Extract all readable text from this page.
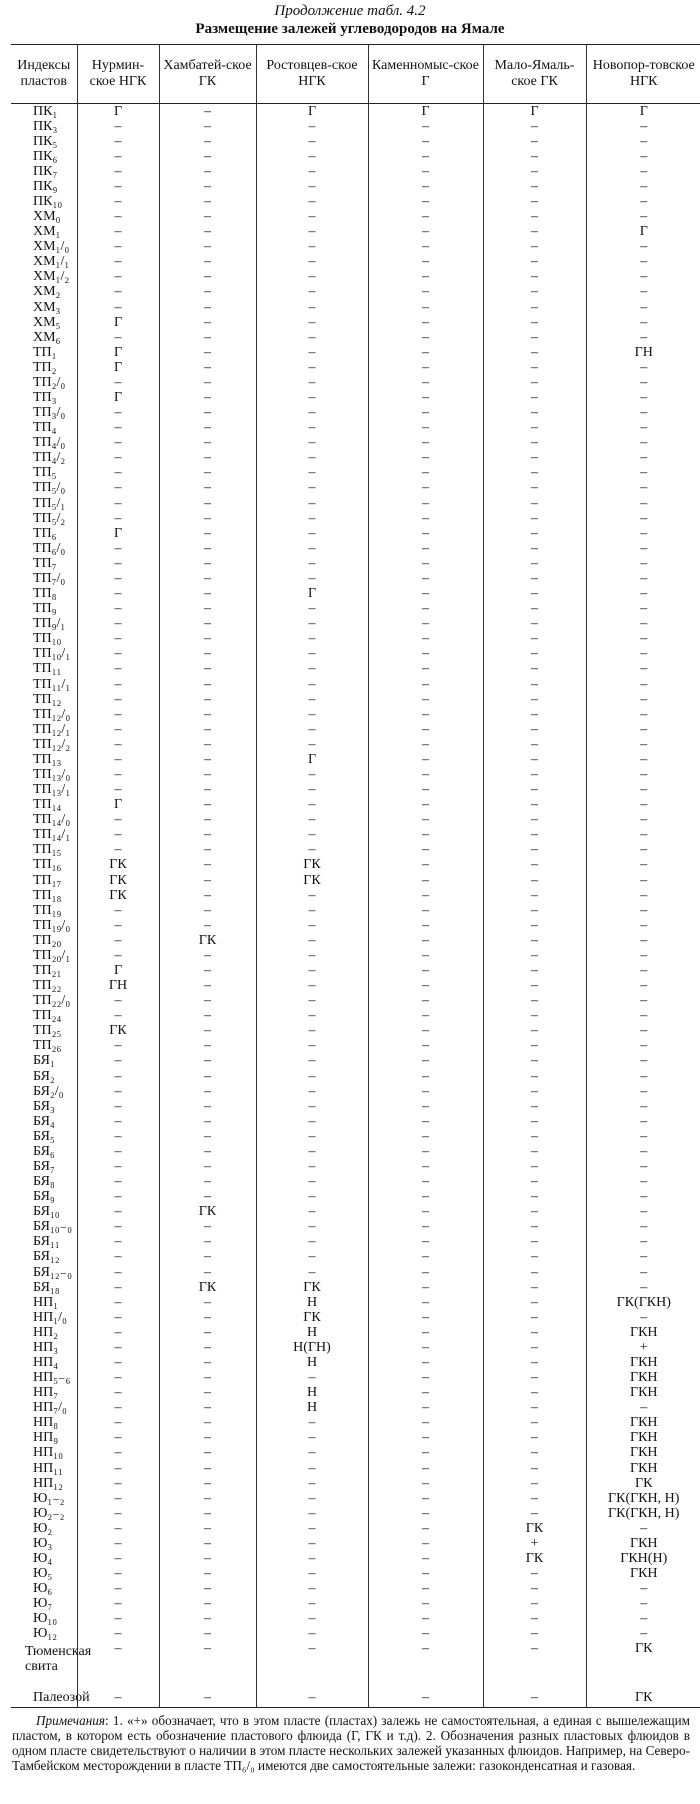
Продолжение табл. 4.2
Размещение залежей углеводородов на Ямале
Индексы пластов	Нурмин-ское НГК	Хамбатей-ское ГК	Ростовцев-ское НГК	Каменномыс-ское Г	Мало-Ямаль-ское ГК	Новопор-товское НГК
ПК₁	Г	–	Г	Г	Г	Г
ПК₃	–	–	–	–	–	–
ПК₅	–	–	–	–	–	–
ПК₆	–	–	–	–	–	–
ПК₇	–	–	–	–	–	–
ПК₉	–	–	–	–	–	–
ПК₁₀	–	–	–	–	–	–
ХМ₀	–	–	–	–	–	–
ХМ₁	–	–	–	–	–	Г
ХМ₁/₀	–	–	–	–	–	–
ХМ₁/₁	–	–	–	–	–	–
ХМ₁/₂	–	–	–	–	–	–
ХМ₂	–	–	–	–	–	–
ХМ₃	–	–	–	–	–	–
ХМ₅	Г	–	–	–	–	–
ХМ₆	–	–	–	–	–	–
ТП₁	Г	–	–	–	–	ГН
ТП₂	Г	–	–	–	–	–
ТП₂/₀	–	–	–	–	–	–
ТП₃	Г	–	–	–	–	–
ТП₃/₀	–	–	–	–	–	–
ТП₄	–	–	–	–	–	–
ТП₄/₀	–	–	–	–	–	–
ТП₄/₂	–	–	–	–	–	–
ТП₅	–	–	–	–	–	–
ТП₅/₀	–	–	–	–	–	–
ТП₅/₁	–	–	–	–	–	–
ТП₅/₂	–	–	–	–	–	–
ТП₆	Г	–	–	–	–	–
ТП₆/₀	–	–	–	–	–	–
ТП₇	–	–	–	–	–	–
ТП₇/₀	–	–	–	–	–	–
ТП₈	–	–	Г	–	–	–
ТП₉	–	–	–	–	–	–
ТП₉/₁	–	–	–	–	–	–
ТП₁₀	–	–	–	–	–	–
ТП₁₀/₁	–	–	–	–	–	–
ТП₁₁	–	–	–	–	–	–
ТП₁₁/₁	–	–	–	–	–	–
ТП₁₂	–	–	–	–	–	–
ТП₁₂/₀	–	–	–	–	–	–
ТП₁₂/₁	–	–	–	–	–	–
ТП₁₂/₂	–	–	–	–	–	–
ТП₁₃	–	–	Г	–	–	–
ТП₁₃/₀	–	–	–	–	–	–
ТП₁₃/₁	–	–	–	–	–	–
ТП₁₄	Г	–	–	–	–	–
ТП₁₄/₀	–	–	–	–	–	–
ТП₁₄/₁	–	–	–	–	–	–
ТП₁₅	–	–	–	–	–	–
ТП₁₆	ГК	–	ГК	–	–	–
ТП₁₇	ГК	–	ГК	–	–	–
ТП₁₈	ГК	–	–	–	–	–
ТП₁₉	–	–	–	–	–	–
ТП₁₉/₀	–	–	–	–	–	–
ТП₂₀	–	ГК	–	–	–	–
ТП₂₀/₁	–	–	–	–	–	–
ТП₂₁	Г	–	–	–	–	–
ТП₂₂	ГН	–	–	–	–	–
ТП₂₂/₀	–	–	–	–	–	–
ТП₂₄	–	–	–	–	–	–
ТП₂₅	ГК	–	–	–	–	–
ТП₂₆	–	–	–	–	–	–
БЯ₁	–	–	–	–	–	–
БЯ₂	–	–	–	–	–	–
БЯ₂/₀	–	–	–	–	–	–
БЯ₃	–	–	–	–	–	–
БЯ₄	–	–	–	–	–	–
БЯ₅	–	–	–	–	–	–
БЯ₆	–	–	–	–	–	–
БЯ₇	–	–	–	–	–	–
БЯ₈	–	–	–	–	–	–
БЯ₉	–	–	–	–	–	–
БЯ₁₀	–	ГК	–	–	–	–
БЯ₁₀₋₀	–	–	–	–	–	–
БЯ₁₁	–	–	–	–	–	–
БЯ₁₂	–	–	–	–	–	–
БЯ₁₂₋₀	–	–	–	–	–	–
БЯ₁₈	–	ГК	ГК	–	–	–
НП₁	–	–	Н	–	–	ГК(ГКН)
НП₁/₀	–	–	ГК	–	–	–
НП₂	–	–	Н	–	–	ГКН
НП₃	–	–	Н(ГН)	–	–	+
НП₄	–	–	Н	–	–	ГКН
НП₅₋₆	–	–	–	–	–	ГКН
НП₇	–	–	Н	–	–	ГКН
НП₇/₀	–	–	Н	–	–	–
НП₈	–	–	–	–	–	ГКН
НП₉	–	–	–	–	–	ГКН
НП₁₀	–	–	–	–	–	ГКН
НП₁₁	–	–	–	–	–	ГКН
НП₁₂	–	–	–	–	–	ГК
Ю₁₋₂	–	–	–	–	–	ГК(ГКН, Н)
Ю₂₋₂	–	–	–	–	–	ГК(ГКН, Н)
Ю₂	–	–	–	–	ГК	–
Ю₃	–	–	–	–	+	ГКН
Ю₄	–	–	–	–	ГК	ГКН(Н)
Ю₅	–	–	–	–	–	ГКН
Ю₆	–	–	–	–	–	–
Ю₇	–	–	–	–	–	–
Ю₁₀	–	–	–	–	–	–
Ю₁₂	–	–	–	–	–	–
Тюменская свита	–	–	–	–	–	ГК
Палеозой	–	–	–	–	–	ГК
Примечания: 1. «+» обозначает, что в этом пласте (пластах) залежь не самостоятельная, а единая с вышележащим пластом, в котором есть обозначение пластового флюида (Г, ГК и т.д). 2. Обозначения разных пластовых флюидов в одном пласте свидетельствуют о наличии в этом пласте нескольких залежей указанных флюидов. Например, на Северо-Тамбейском месторождении в пласте ТП₆/₀ имеются две самостоятельные залежи: газоконденсатная и газовая.
